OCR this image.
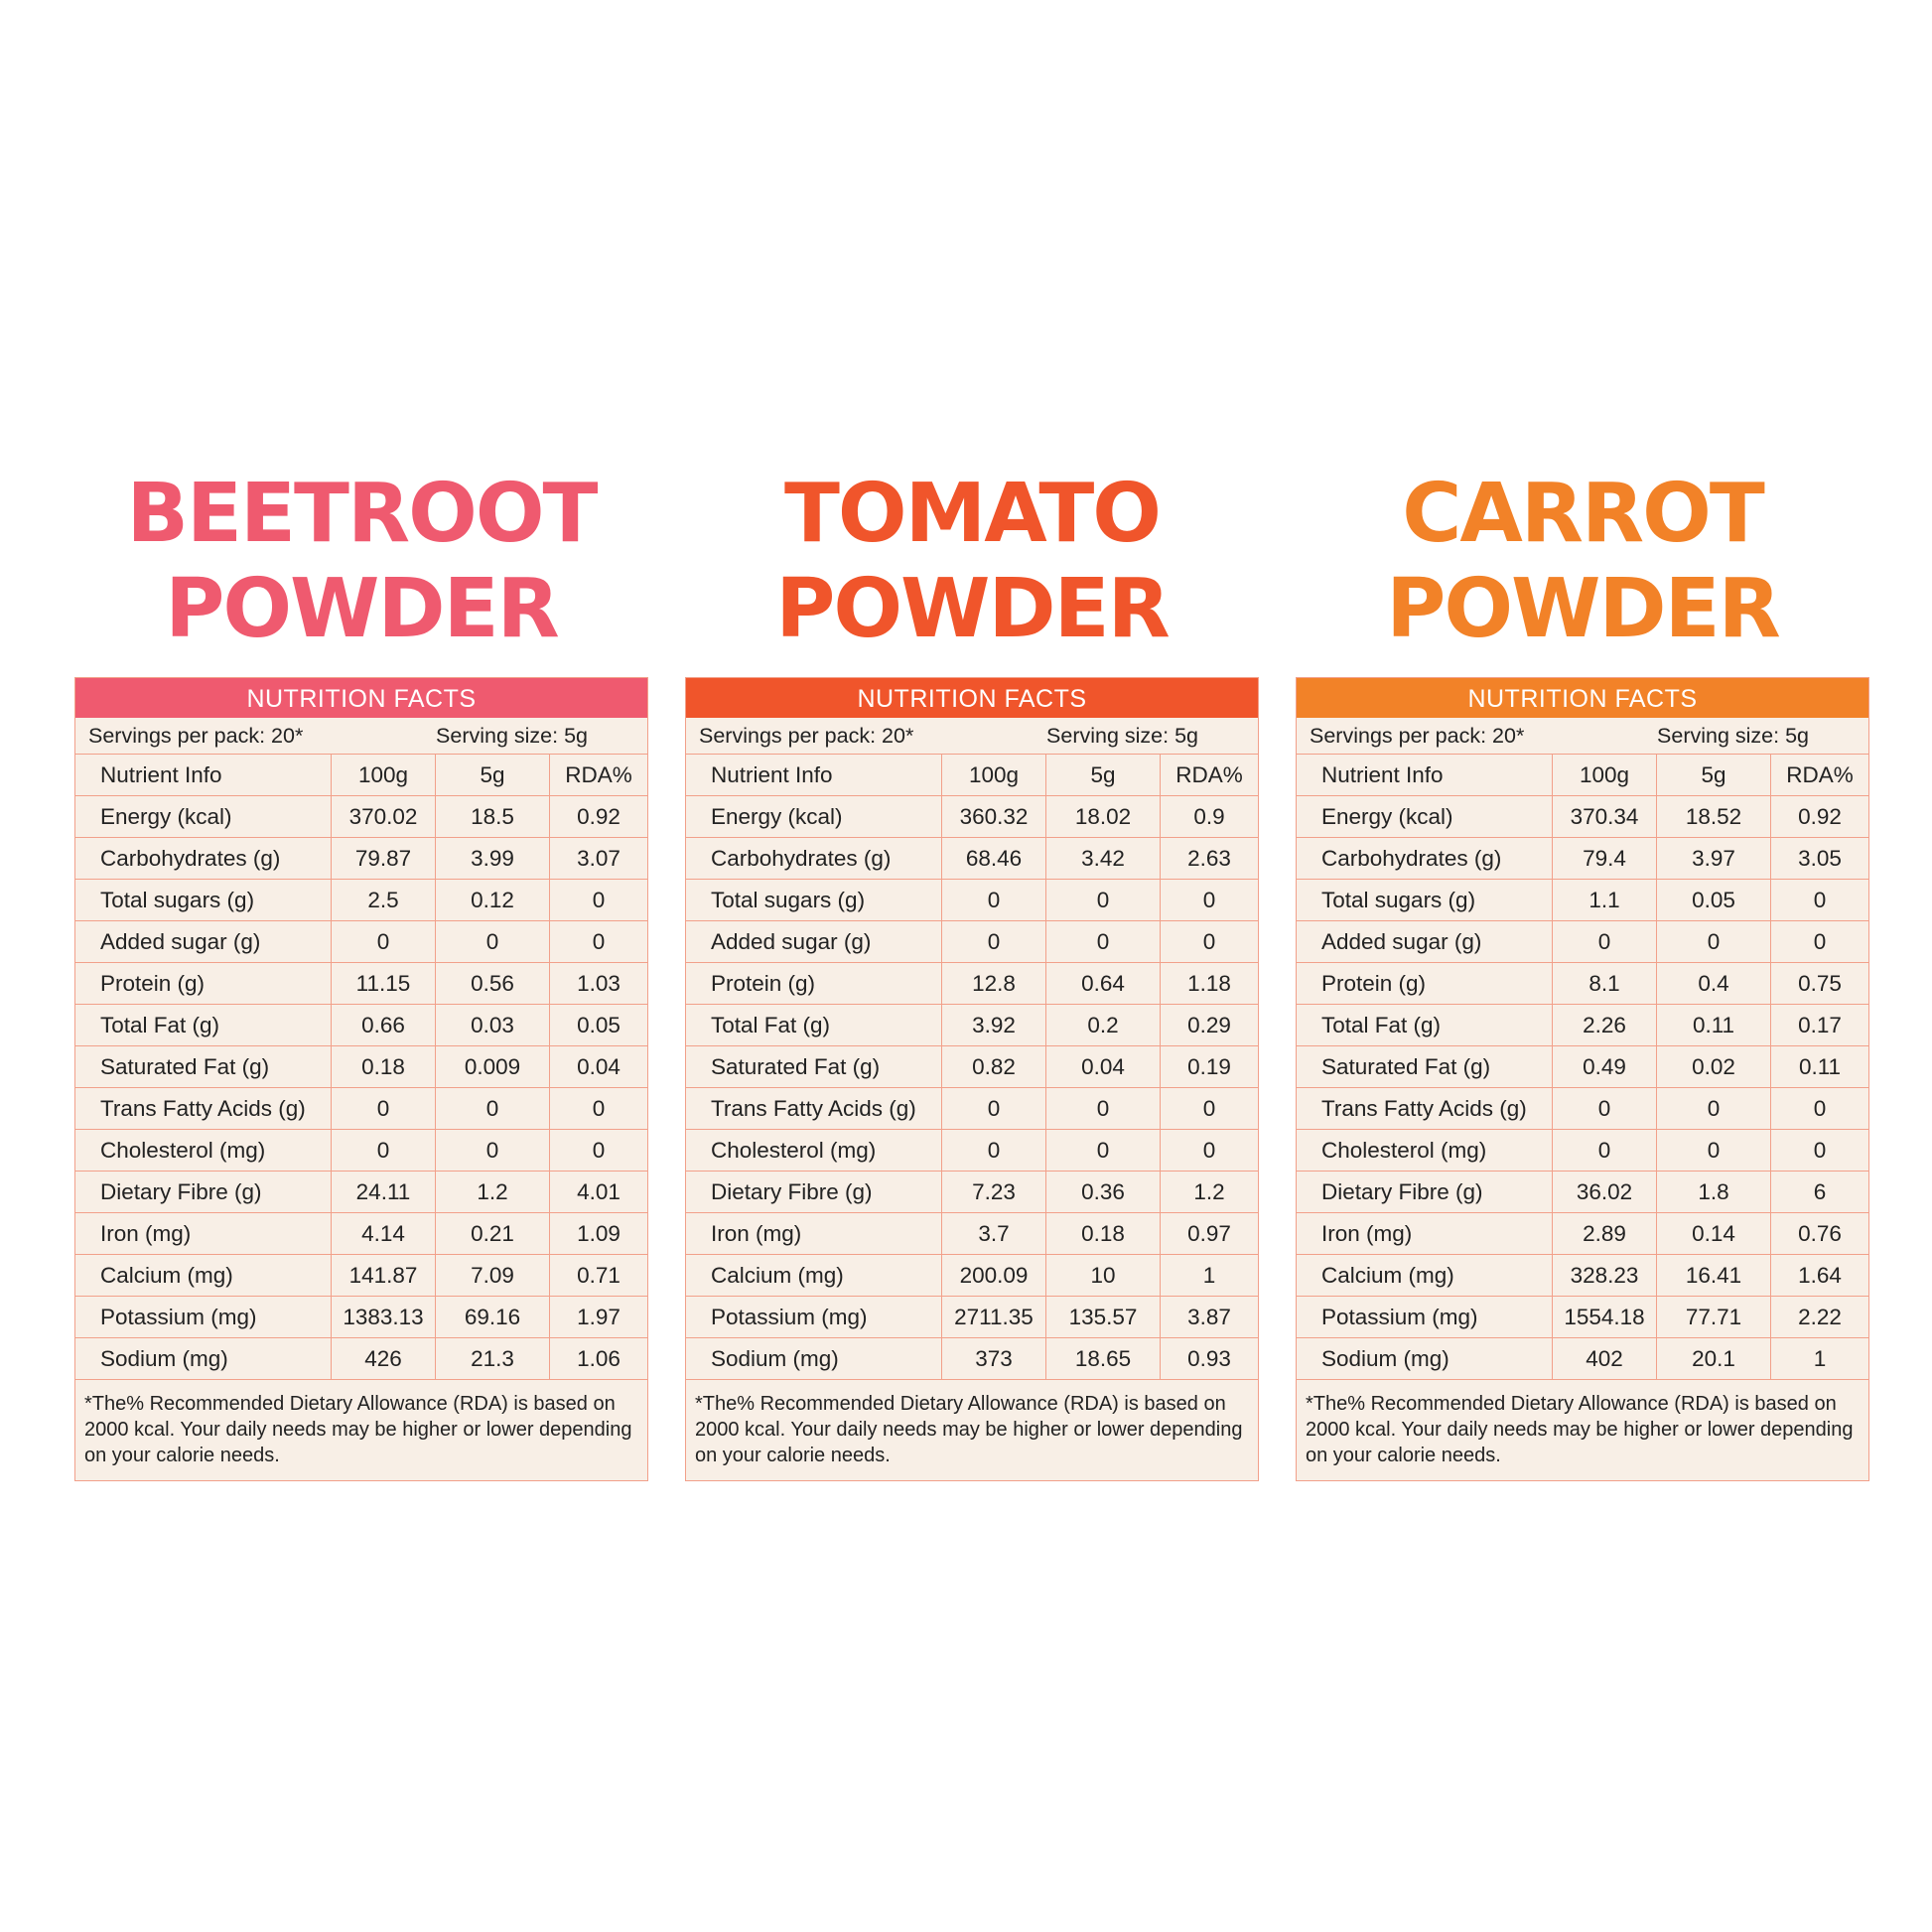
BEETROOT
POWDER
NUTRITION FACTS
Servings per pack: 20*	Serving size: 5g
Nutrient Info	100g	5g	RDA%
Energy (kcal)	370.02	18.5	0.92
Carbohydrates (g)	79.87	3.99	3.07
Total sugars (g)	2.5	0.12	0
Added sugar (g)	0	0	0
Protein (g)	11.15	0.56	1.03
Total Fat (g)	0.66	0.03	0.05
Saturated Fat (g)	0.18	0.009	0.04
Trans Fatty Acids (g)	0	0	0
Cholesterol (mg)	0	0	0
Dietary Fibre (g)	24.11	1.2	4.01
Iron (mg)	4.14	0.21	1.09
Calcium (mg)	141.87	7.09	0.71
Potassium (mg)	1383.13	69.16	1.97
Sodium (mg)	426	21.3	1.06
*The% Recommended Dietary Allowance (RDA) is based on 2000 kcal. Your daily needs may be higher or lower depending on your calorie needs.
TOMATO
POWDER
NUTRITION FACTS
Servings per pack: 20*	Serving size: 5g
Nutrient Info	100g	5g	RDA%
Energy (kcal)	360.32	18.02	0.9
Carbohydrates (g)	68.46	3.42	2.63
Total sugars (g)	0	0	0
Added sugar (g)	0	0	0
Protein (g)	12.8	0.64	1.18
Total Fat (g)	3.92	0.2	0.29
Saturated Fat (g)	0.82	0.04	0.19
Trans Fatty Acids (g)	0	0	0
Cholesterol (mg)	0	0	0
Dietary Fibre (g)	7.23	0.36	1.2
Iron (mg)	3.7	0.18	0.97
Calcium (mg)	200.09	10	1
Potassium (mg)	2711.35	135.57	3.87
Sodium (mg)	373	18.65	0.93
*The% Recommended Dietary Allowance (RDA) is based on 2000 kcal. Your daily needs may be higher or lower depending on your calorie needs.
CARROT
POWDER
NUTRITION FACTS
Servings per pack: 20*	Serving size: 5g
Nutrient Info	100g	5g	RDA%
Energy (kcal)	370.34	18.52	0.92
Carbohydrates (g)	79.4	3.97	3.05
Total sugars (g)	1.1	0.05	0
Added sugar (g)	0	0	0
Protein (g)	8.1	0.4	0.75
Total Fat (g)	2.26	0.11	0.17
Saturated Fat (g)	0.49	0.02	0.11
Trans Fatty Acids (g)	0	0	0
Cholesterol (mg)	0	0	0
Dietary Fibre (g)	36.02	1.8	6
Iron (mg)	2.89	0.14	0.76
Calcium (mg)	328.23	16.41	1.64
Potassium (mg)	1554.18	77.71	2.22
Sodium (mg)	402	20.1	1
*The% Recommended Dietary Allowance (RDA) is based on 2000 kcal. Your daily needs may be higher or lower depending on your calorie needs.
